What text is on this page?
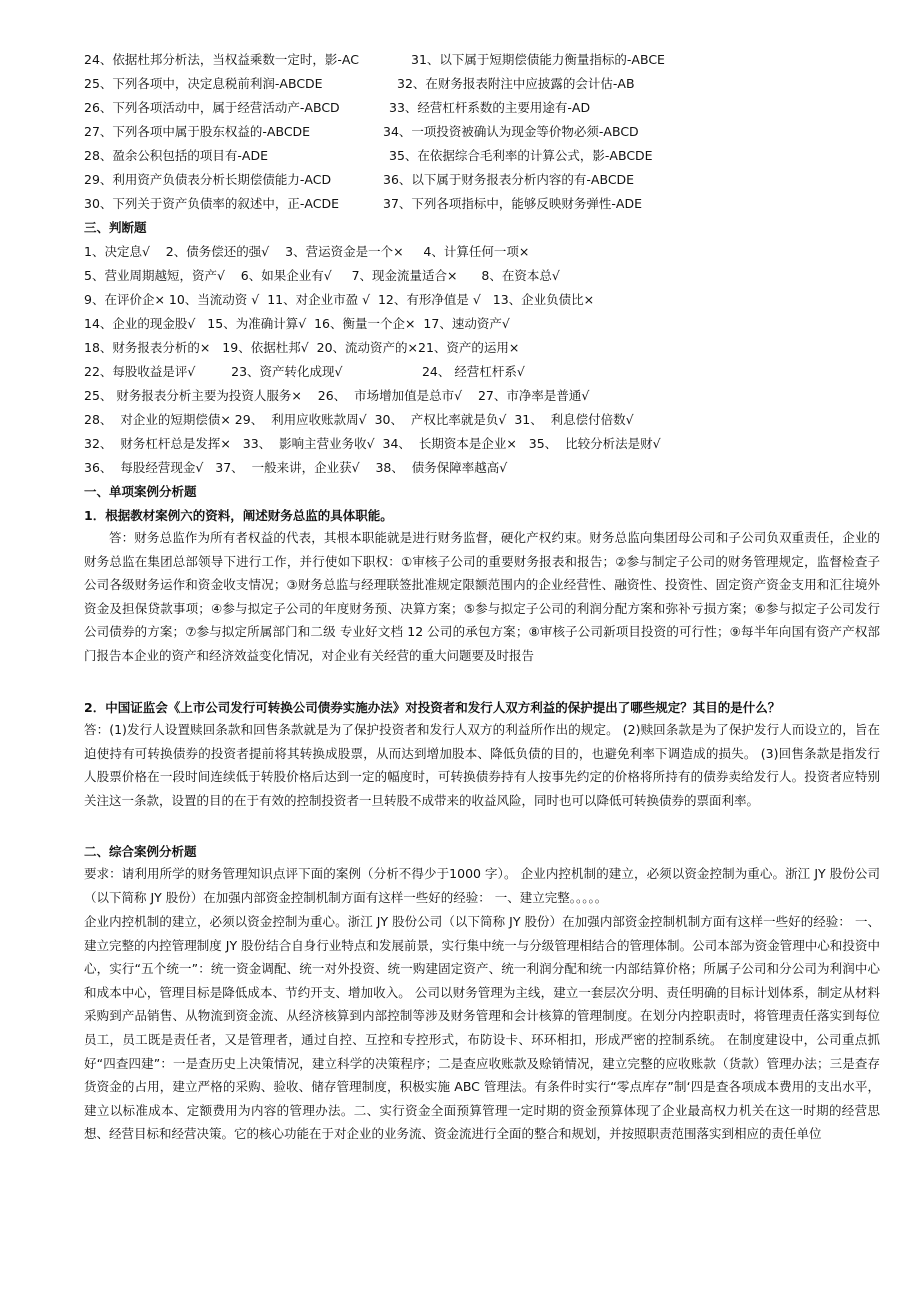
24、依据杜邦分析法，当权益乘数一定时，影-AC	31、以下属于短期偿债能力衡量指标的-ABCE
25、下列各项中，决定息税前利润-ABCDE	32、在财务报表附注中应披露的会计估-AB
26、下列各项活动中，属于经营活动产-ABCD	33、经营杠杆系数的主要用途有-AD
27、下列各项中属于股东权益的-ABCDE	34、一项投资被确认为现金等价物必须-ABCD
28、盈余公积包括的项目有-ADE	35、在依据综合毛利率的计算公式，影-ABCDE
29、利用资产负债表分析长期偿债能力-ACD	36、以下属于财务报表分析内容的有-ABCDE
30、下列关于资产负债率的叙述中，正-ACDE	37、下列各项指标中，能够反映财务弹性-ADE
三、判断题
1、决定息√    2、债务偿还的强√    3、营运资金是一个×     4、计算任何一项×
5、营业周期越短，资产√    6、如果企业有√     7、现金流量适合×      8、在资本总√
9、在评价企× 10、当流动资 √  11、对企业市盈 √  12、有形净值是 √   13、企业负债比×
14、企业的现金股√   15、为准确计算√  16、衡量一个企×  17、速动资产√
18、财务报表分析的×   19、依据杜邦√  20、流动资产的×21、资产的运用×
22、每股收益是评√         23、资产转化成现√                    24、 经营杠杆系√
25、 财务报表分析主要为投资人服务×    26、  市场增加值是总市√    27、市净率是普通√
28、  对企业的短期偿债× 29、  利用应收账款周√  30、  产权比率就是负√  31、  利息偿付倍数√
32、  财务杠杆总是发挥×   33、  影响主营业务收√  34、  长期资本是企业×   35、  比较分析法是财√
36、  每股经营现金√   37、  一般来讲，企业获√    38、  债务保障率越高√
一、单项案例分析题
1．根据教材案例六的资料，阐述财务总监的具体职能。
答：财务总监作为所有者权益的代表，其根本职能就是进行财务监督，硬化产权约束。财务总监向集团母公司和子公司负双重责任，企业的财务总监在集团总部领导下进行工作，并行使如下职权：①审核子公司的重要财务报表和报告；②参与制定子公司的财务管理规定，监督检查子公司各级财务运作和资金收支情况；③财务总监与经理联签批准规定限额范围内的企业经营性、融资性、投资性、固定资产资金支用和汇往境外资金及担保贷款事项；④参与拟定子公司的年度财务预、决算方案；⑤参与拟定子公司的利润分配方案和弥补亏损方案；⑥参与拟定子公司发行公司债券的方案；⑦参与拟定所属部门和二级 专业好文档 12 公司的承包方案；⑧审核子公司新项目投资的可行性；⑨每半年向国有资产产权部门报告本企业的资产和经济效益变化情况，对企业有关经营的重大问题要及时报告
2．中国证监会《上市公司发行可转换公司债券实施办法》对投资者和发行人双方利益的保护提出了哪些规定？其目的是什么？
答：(1)发行人设置赎回条款和回售条款就是为了保护投资者和发行人双方的利益所作出的规定。 (2)赎回条款是为了保护发行人而设立的，旨在迫使持有可转换债券的投资者提前将其转换成股票，从而达到增加股本、降低负债的目的，也避免利率下调造成的损失。 (3)回售条款是指发行人股票价格在一段时间连续低于转股价格后达到一定的幅度时，可转换债券持有人按事先约定的价格将所持有的债券卖给发行人。投资者应特别关注这一条款，设置的目的在于有效的控制投资者一旦转股不成带来的收益风险，同时也可以降低可转换债券的票面利率。
二、综合案例分析题
要求：请利用所学的财务管理知识点评下面的案例（分析不得少于1000 字）。 企业内控机制的建立，必须以资金控制为重心。浙江 JY 股份公司（以下简称 JY 股份）在加强内部资金控制机制方面有这样一些好的经验： 一、建立完整。。。。。
企业内控机制的建立，必须以资金控制为重心。浙江 JY 股份公司（以下简称 JY 股份）在加强内部资金控制机制方面有这样一些好的经验： 一、建立完整的内控管理制度 JY 股份结合自身行业特点和发展前景，实行集中统一与分级管理相结合的管理体制。公司本部为资金管理中心和投资中心，实行“五个统一”：统一资金调配、统一对外投资、统一购建固定资产、统一利润分配和统一内部结算价格；所属子公司和分公司为利润中心和成本中心，管理目标是降低成本、节约开支、增加收入。 公司以财务管理为主线，建立一套层次分明、责任明确的目标计划体系，制定从材料采购到产品销售、从物流到资金流、从经济核算到内部控制等涉及财务管理和会计核算的管理制度。在划分内控职责时，将管理责任落实到每位员工，员工既是责任者，又是管理者，通过自控、互控和专控形式，布防设卡、环环相扣，形成严密的控制系统。 在制度建设中，公司重点抓好“四查四建”：一是查历史上决策情况，建立科学的决策程序；二是查应收账款及赊销情况，建立完整的应收账款（货款）管理办法；三是查存货资金的占用，建立严格的采购、验收、储存管理制度，积极实施 ABC 管理法。有条件时实行“零点库存”制‘四是查各项成本费用的支出水平，建立以标准成本、定额费用为内容的管理办法。二、实行资金全面预算管理一定时期的资金预算体现了企业最高权力机关在这一时期的经营思想、经营目标和经营决策。它的核心功能在于对企业的业务流、资金流进行全面的整合和规划，并按照职责范围落实到相应的责任单位
